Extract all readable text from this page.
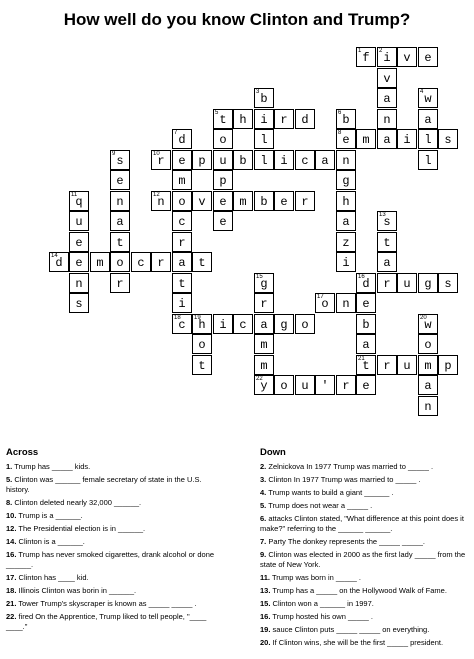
How well do you know Clinton and Trump?
1 f	2 i	v	e
v
3 b	a	4 w
5 t	h	i	r	d	6 b	n	a
7 d	o	l	8 e	m	a	i	l	s
9 s	10
r	e	p	u	b	l	i	c	a	n	l
e	m	p	g
11
q	n	12
n	o	v	e	m	b	e	r	h
u	a	c	e	a	13
s
e	t	r	z	t
14
d	e	m	o	c	r	a	t	i	a
n	r	t	15
g	16
d	r	u	g	s
s	i	r	17
o	n	e
18
c	19
h	i	c	a	g	o	b	20
w
o	m	a	o
t	m	21
t	r	u	m	p
22
y	o	u	'	r	e	a
n
Across
1. Trump has _____ kids.
5. Clinton was ______ female secretary of state in the U.S. history.
8. Clinton deleted nearly 32,000 ______.
10. Trump is a ______.
12. The Presidential election is in ______.
14. Clinton is a ______.
16. Trump has never smoked cigarettes, drank alcohol or done ______.
17. Clinton has ____ kid.
18. Illinois Clinton was borin in ______.
21. Tower Trump's skyscraper is known as _____ _____ .
22. fired On the Apprentice, Trump liked to tell people, "____ ____."
Down
2. Zelnickova In 1977 Trump was married to _____ .
3. Clinton In 1977 Trump was married to _____ .
4. Trump wants to build a giant ______ .
5. Trump does not wear a _____ .
6. attacks Clinton stated, "What difference at this point does it make?" referring to the ______ ______.
7. Party The donkey represents the _____ _____.
9. Clinton was elected in 2000 as the first lady _____ from the state of New York.
11. Trump was born in _____ .
13. Trump has a _____ on the Hollywood Walk of Fame.
15. Clinton won a ______ in 1997.
16. Trump hosted his own _____ .
19. sauce Clinton puts _____ _____ on everything.
20. If Clinton wins, she will be the first _____ president.
